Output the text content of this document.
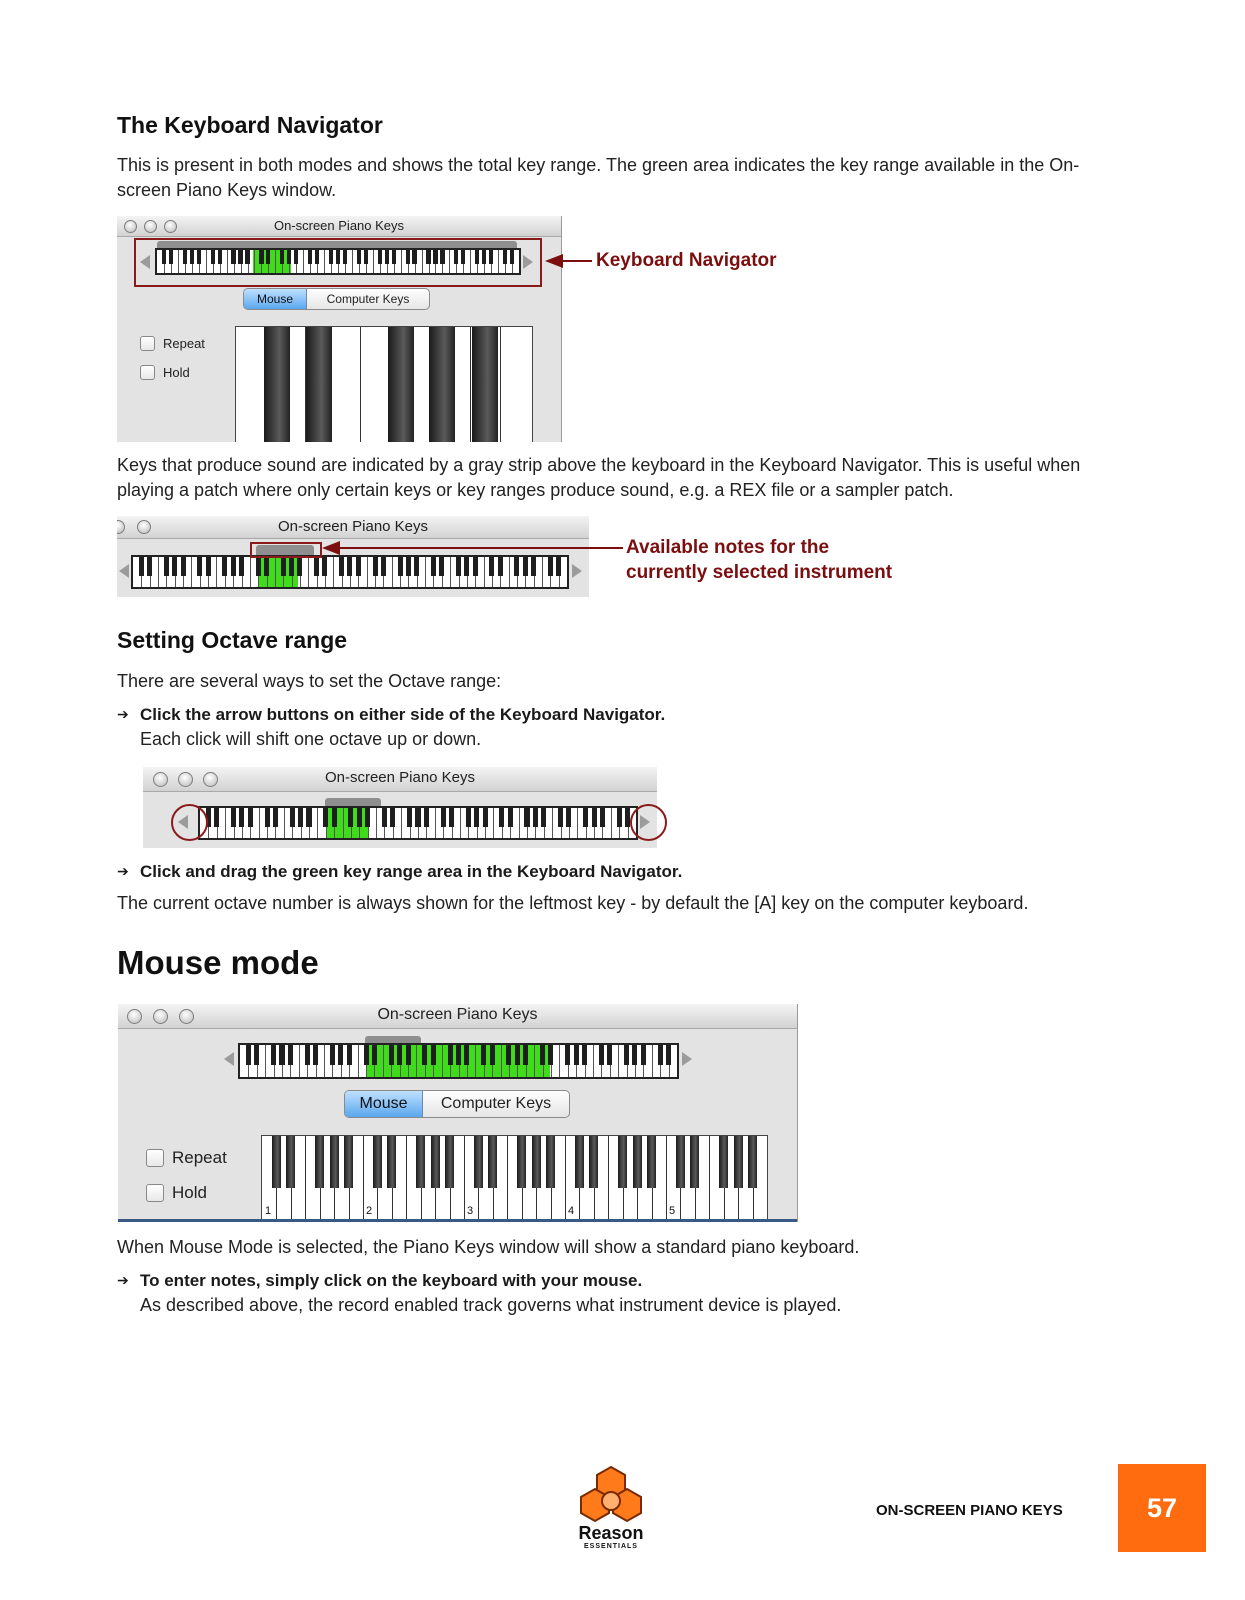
The Keyboard Navigator

This is present in both modes and shows the total key range. The green area indicates the key range available in the On-screen Piano Keys window.

On-screen Piano Keys
Mouse	Computer Keys
Repeat
Hold
Keyboard Navigator

Keys that produce sound are indicated by a gray strip above the keyboard in the Keyboard Navigator. This is useful when playing a patch where only certain keys or key ranges produce sound, e.g. a REX file or a sampler patch.

On-screen Piano Keys
Available notes for the
currently selected instrument
Setting Octave range

There are several ways to set the Octave range:

➔ Click the arrow buttons on either side of the Keyboard Navigator.
Each click will shift one octave up or down.
On-screen Piano Keys
➔ Click and drag the green key range area in the Keyboard Navigator.

The current octave number is always shown for the leftmost key - by default the [A] key on the computer keyboard.

Mouse mode
On-screen Piano Keys
Mouse	Computer Keys
Repeat
Hold
1	2	3	4	5

When Mouse Mode is selected, the Piano Keys window will show a standard piano keyboard.

➔ To enter notes, simply click on the keyboard with your mouse.
As described above, the record enabled track governs what instrument device is played.
Reason
ESSENTIALS
ON-SCREEN PIANO KEYS	57
